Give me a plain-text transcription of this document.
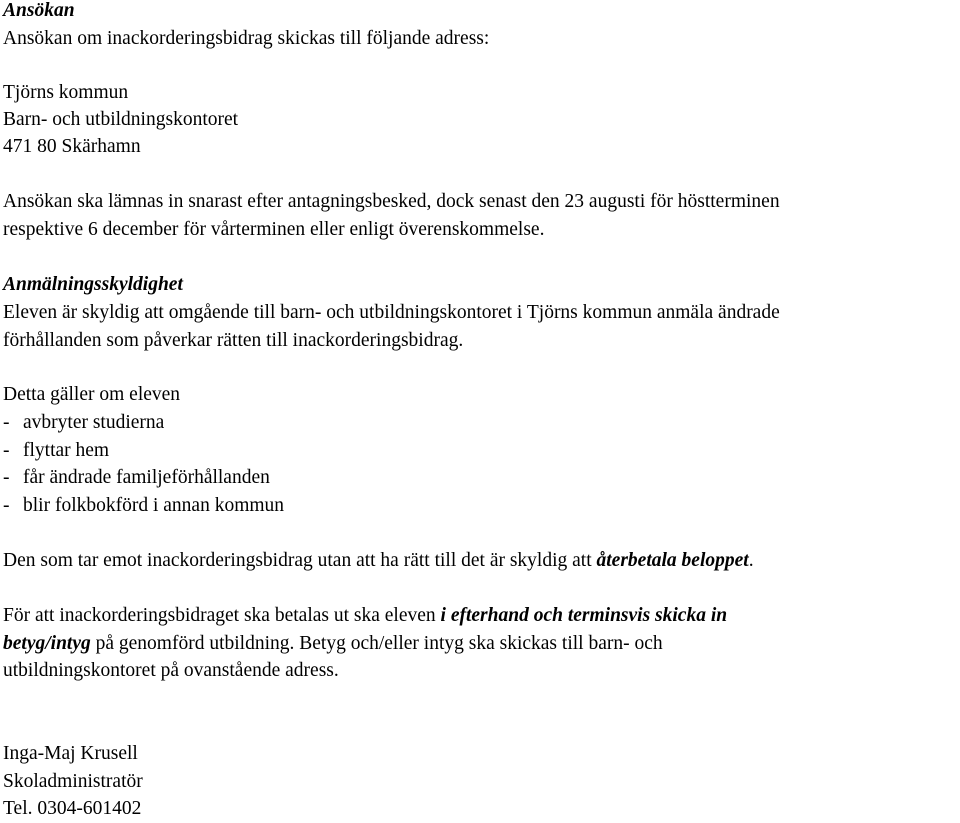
Ansökan
Ansökan om inackorderingsbidrag skickas till följande adress:
Tjörns kommun
Barn- och utbildningskontoret
471 80 Skärhamn
Ansökan ska lämnas in snarast efter antagningsbesked, dock senast den 23 augusti för höstterminen
respektive 6 december för vårterminen eller enligt överenskommelse.
Anmälningsskyldighet
Eleven är skyldig att omgående till barn- och utbildningskontoret i Tjörns kommun anmäla ändrade
förhållanden som påverkar rätten till inackorderingsbidrag.
Detta gäller om eleven
- avbryter studierna
- flyttar hem
- får ändrade familjeförhållanden
- blir folkbokförd i annan kommun
Den som tar emot inackorderingsbidrag utan att ha rätt till det är skyldig att återbetala beloppet.
För att inackorderingsbidraget ska betalas ut ska eleven i efterhand och terminsvis skicka in
betyg/intyg på genomförd utbildning. Betyg och/eller intyg ska skickas till barn- och
utbildningskontoret på ovanstående adress.
Inga-Maj Krusell
Skoladministratör
Tel. 0304-601402
